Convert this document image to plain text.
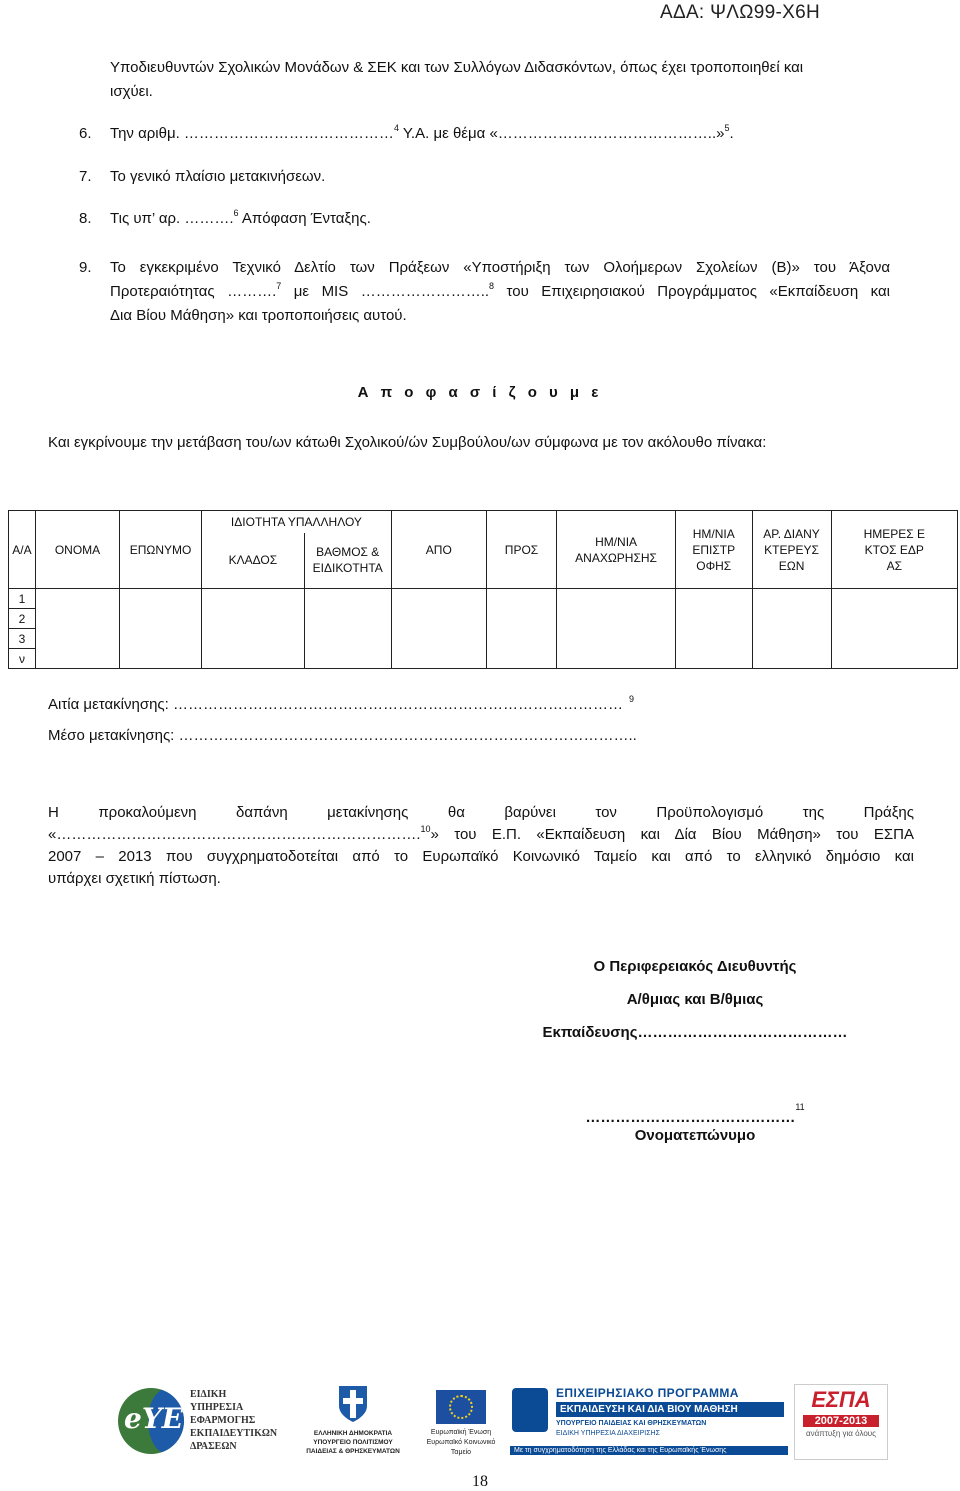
ΑΔΑ: ΨΛΩ99-Χ6Η
Υποδιευθυντών Σχολικών Μονάδων & ΣΕΚ και των Συλλόγων Διδασκόντων, όπως έχει τροποποιηθεί και
ισχύει.
6. Την αριθμ. ……………………………………$^4$ Υ.Α. με θέμα «……………………………………..»$^5$.
7. Το γενικό πλαίσιο μετακινήσεων.
8. Τις υπ’ αρ. ……….$^6$ Απόφαση Ένταξης.
9. Το εγκεκριμένο Τεχνικό Δελτίο των Πράξεων «Υποστήριξη των Ολοήμερων Σχολείων (Β)» του Άξονα
Προτεραιότητας ……….$^7$ με MIS ……………………..$^8$ του Επιχειρησιακού Προγράμματος «Εκπαίδευση και
Δια Βίου Μάθηση» και τροποποιήσεις αυτού.
Α π ο φ α σ ί ζ ο υ μ ε
Και εγκρίνουμε την μετάβαση του/ων κάτωθι Σχολικού/ών Συμβούλου/ων σύμφωνα με τον ακόλουθο πίνακα:
Α/Α	ΟΝΟΜΑ	ΕΠΩΝΥΜΟ	ΙΔΙΟΤΗΤΑ ΥΠΑΛΛΗΛΟΥ		ΑΠΟ	ΠΡΟΣ	ΗΜ/ΝΙΑ ΑΝΑΧΩΡΗΣΗΣ	ΗΜ/ΝΙΑ ΕΠΙΣΤΡΟΦΗΣ	ΑΡ. ΔΙΑΝΥΚΤΕΡΕΥΣΕΩΝ	ΗΜΕΡΕΣ ΕΚΤΟΣ ΕΔΡΑΣ
			ΚΛΑΔΟΣ	ΒΑΘΜΟΣ & ΕΙΔΙΚΟΤΗΤΑ						
1										
2										
3										
ν										
Αιτία μετακίνησης: ……………………………………………………………………………… $^9$
Μέσο μετακίνησης: ………………………………………………………………………………..
Η προκαλούμενη δαπάνη μετακίνησης θα βαρύνει τον Προϋπολογισμό της Πράξης
«……………………………………………………………….$^{10}$» του Ε.Π. «Εκπαίδευση και Δία Βίου Μάθηση» του ΕΣΠΑ
2007 – 2013 που συγχρηματοδοτείται από το Ευρωπαϊκό Κοινωνικό Ταμείο και από το ελληνικό δημόσιο και
υπάρχει σχετική πίστωση.
Ο Περιφερειακός Διευθυντής
Α/θμιας και Β/θμιας
Εκπαίδευσης……………………………………
……………………………………$^{11}$
Ονοματεπώνυμο
eYE
ΕΙΔΙΚΗ
ΥΠΗΡΕΣΙΑ
ΕΦΑΡΜΟΓΗΣ
ΕΚΠΑΙΔΕΥΤΙΚΩΝ
ΔΡΑΣΕΩΝ
ΕΛΛΗΝΙΚΗ ΔΗΜΟΚΡΑΤΙΑ
ΥΠΟΥΡΓΕΙΟ ΠΟΛΙΤΙΣΜΟΥ
ΠΑΙΔΕΙΑΣ & ΘΡΗΣΚΕΥΜΑΤΩΝ
Ευρωπαϊκή Ένωση
Ευρωπαϊκό Κοινωνικό Ταμείο
ΕΠΙΧΕΙΡΗΣΙΑΚΟ ΠΡΟΓΡΑΜΜΑ
ΕΚΠΑΙΔΕΥΣΗ ΚΑΙ ΔΙΑ ΒΙΟΥ ΜΑΘΗΣΗ
ΥΠΟΥΡΓΕΙΟ ΠΑΙΔΕΙΑΣ ΚΑΙ ΘΡΗΣΚΕΥΜΑΤΩΝ
ΕΙΔΙΚΗ ΥΠΗΡΕΣΙΑ ΔΙΑΧΕΙΡΙΣΗΣ
Με τη συγχρηματοδότηση της Ελλάδας και της Ευρωπαϊκής Ένωσης
ΕΣΠΑ
2007-2013
ανάπτυξη για όλους
18
